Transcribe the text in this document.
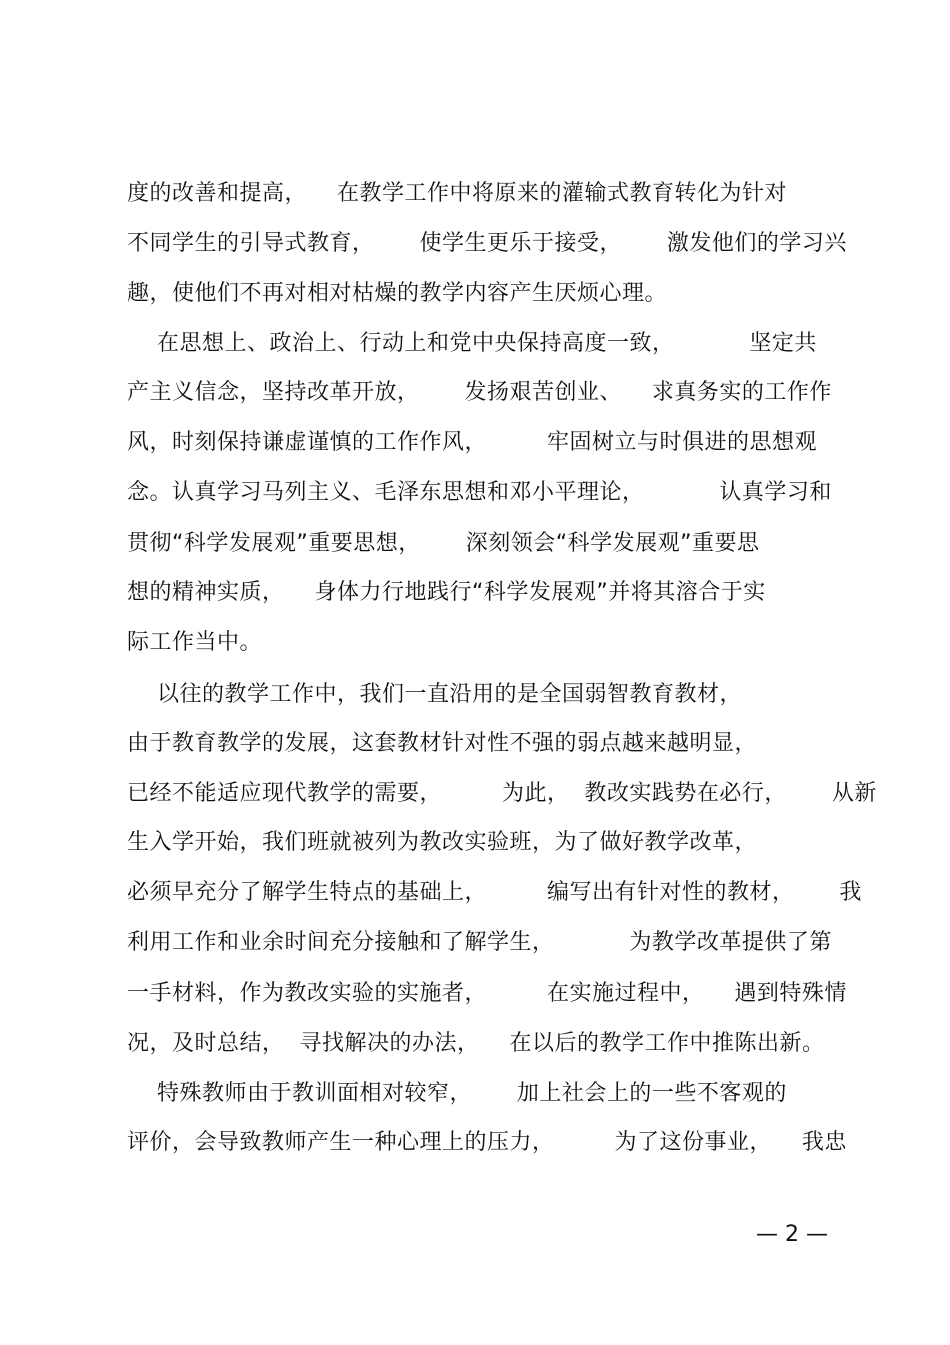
度的改善和提高，    在教学工作中将原来的灌输式教育转化为针对
不同学生的引导式教育，      使学生更乐于接受，      激发他们的学习兴
趣，使他们不再对相对枯燥的教学内容产生厌烦心理。
在思想上、政治上、行动上和党中央保持高度一致，          坚定共
产主义信念，坚持改革开放，      发扬艰苦创业、    求真务实的工作作
风，时刻保持谦虚谨慎的工作作风，        牢固树立与时俱进的思想观
念。认真学习马列主义、毛泽东思想和邓小平理论，          认真学习和
贯彻“科学发展观”重要思想，      深刻领会“科学发展观”重要思
想的精神实质，    身体力行地践行“科学发展观”并将其溶合于实
际工作当中。
以往的教学工作中，我们一直沿用的是全国弱智教育教材，
由于教育教学的发展，这套教材针对性不强的弱点越来越明显，
已经不能适应现代教学的需要，        为此，  教改实践势在必行，      从新
生入学开始，我们班就被列为教改实验班，为了做好教学改革，
必须早充分了解学生特点的基础上，        编写出有针对性的教材，      我
利用工作和业余时间充分接触和了解学生，          为教学改革提供了第
一手材料，作为教改实验的实施者，        在实施过程中，    遇到特殊情
况，及时总结，  寻找解决的办法，    在以后的教学工作中推陈出新。
特殊教师由于教训面相对较窄，      加上社会上的一些不客观的
评价，会导致教师产生一种心理上的压力，        为了这份事业，    我忠
— 2 —
